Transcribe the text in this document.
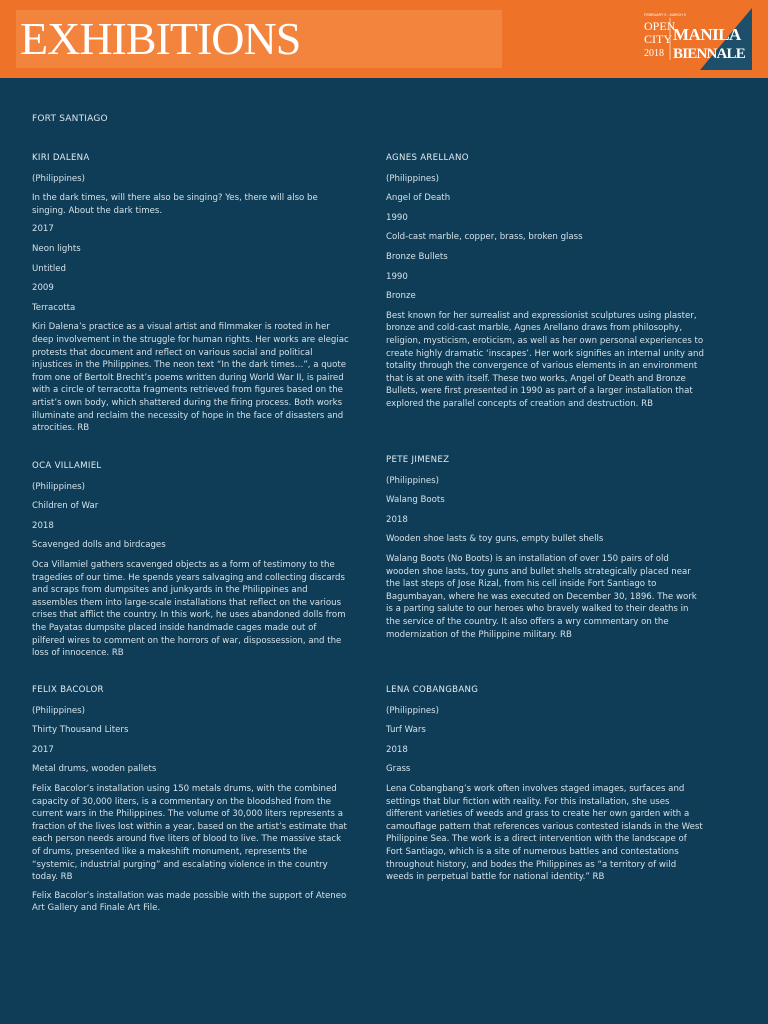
EXHIBITIONS	FEBRUARY 9 - MARCH 9
OPEN
CITY
2018
MANILA
BIENNALE
FORT SANTIAGO
KIRI DALENA
(Philippines)

In the dark times, will there also be singing? Yes, there will also be singing. About the dark times.

2017
Neon lights
Untitled
2009
Terracotta

Kiri Dalena’s practice as a visual artist and filmmaker is rooted in her deep involvement in the struggle for human rights. Her works are elegiac protests that document and reflect on various social and political injustices in the Philippines. The neon text “In the dark times…”, a quote from one of Bertolt Brecht’s poems written during World War II, is paired with a circle of terracotta fragments retrieved from figures based on the artist’s own body, which shattered during the firing process. Both works illuminate and reclaim the necessity of hope in the face of disasters and atrocities. RB

OCA VILLAMIEL
(Philippines)
Children of War
2018
Scavenged dolls and birdcages

Oca Villamiel gathers scavenged objects as a form of testimony to the tragedies of our time. He spends years salvaging and collecting discards and scraps from dumpsites and junkyards in the Philippines and assembles them into large-scale installations that reflect on the various crises that afflict the country. In this work, he uses abandoned dolls from the Payatas dumpsite placed inside handmade cages made out of pilfered wires to comment on the horrors of war, dispossession, and the loss of innocence. RB

FELIX BACOLOR
(Philippines)
Thirty Thousand Liters
2017
Metal drums, wooden pallets

Felix Bacolor’s installation using 150 metals drums, with the combined capacity of 30,000 liters, is a commentary on the bloodshed from the current wars in the Philippines. The volume of 30,000 liters represents a fraction of the lives lost within a year, based on the artist’s estimate that each person needs around five liters of blood to live. The massive stack of drums, presented like a makeshift monument, represents the “systemic, industrial purging” and escalating violence in the country today. RB

Felix Bacolor’s installation was made possible with the support of Ateneo Art Gallery and Finale Art File.

AGNES ARELLANO
(Philippines)
Angel of Death
1990
Cold-cast marble, copper, brass, broken glass
Bronze Bullets
1990
Bronze

Best known for her surrealist and expressionist sculptures using plaster, bronze and cold-cast marble, Agnes Arellano draws from philosophy, religion, mysticism, eroticism, as well as her own personal experiences to create highly dramatic ‘inscapes’. Her work signifies an internal unity and totality through the convergence of various elements in an environment that is at one with itself. These two works, Angel of Death and Bronze Bullets, were first presented in 1990 as part of a larger installation that explored the parallel concepts of creation and destruction. RB

PETE JIMENEZ
(Philippines)
Walang Boots
2018
Wooden shoe lasts & toy guns, empty bullet shells

Walang Boots (No Boots) is an installation of over 150 pairs of old wooden shoe lasts, toy guns and bullet shells strategically placed near the last steps of Jose Rizal, from his cell inside Fort Santiago to Bagumbayan, where he was executed on December 30, 1896. The work is a parting salute to our heroes who bravely walked to their deaths in the service of the country. It also offers a wry commentary on the modernization of the Philippine military. RB

LENA COBANGBANG
(Philippines)
Turf Wars
2018
Grass

Lena Cobangbang’s work often involves staged images, surfaces and settings that blur fiction with reality. For this installation, she uses different varieties of weeds and grass to create her own garden with a camouflage pattern that references various contested islands in the West Philippine Sea. The work is a direct intervention with the landscape of Fort Santiago, which is a site of numerous battles and contestations throughout history, and bodes the Philippines as “a territory of wild weeds in perpetual battle for national identity.” RB
